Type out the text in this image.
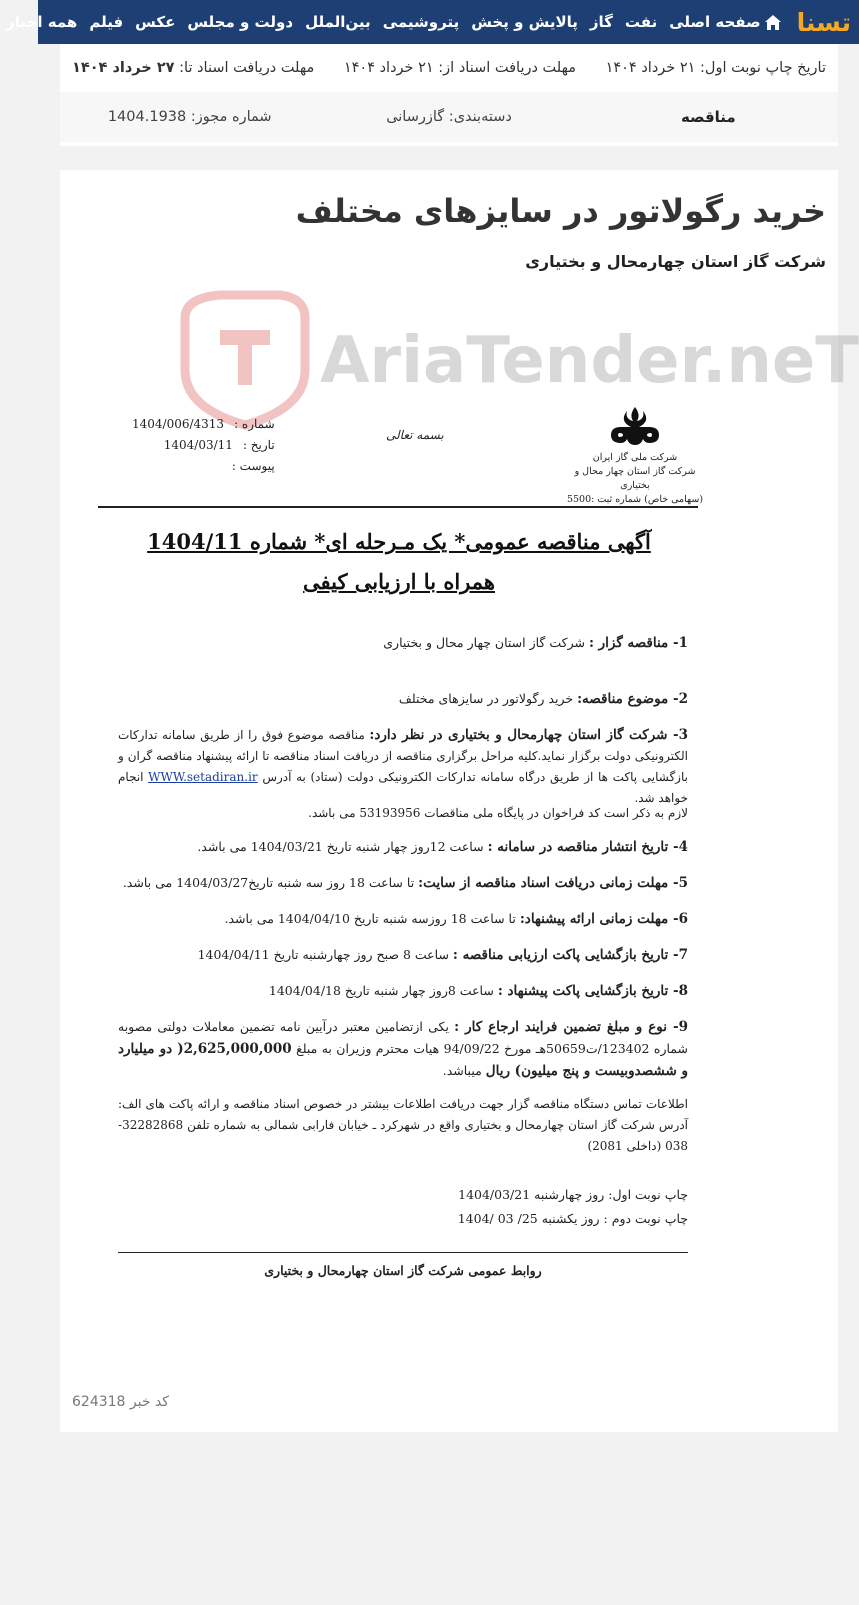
تسنا
صفحه اصلی
نفت
گاز
پالایش و پخش
پتروشیمی
بین‌الملل
دولت و مجلس
عکس
فیلم
همه اخبار
تاریخ چاپ نوبت اول: ۲۱ خرداد ۱۴۰۴
مهلت دریافت اسناد از: ۲۱ خرداد ۱۴۰۴
مهلت دریافت اسناد تا: ۲۷ خرداد ۱۴۰۴
مناقصه
دسته‌بندی: گازرسانی
شماره مجوز: 1404.1938
خرید رگولاتور در سایزهای مختلف
شرکت گاز استان چهارمحال و بختیاری
AriaTender.neT
شماره :
1404/006/4313
تاریخ :
1404/03/11
پیوست :
بسمه تعالی
شرکت ملی گاز ایران
شرکت گاز استان چهار محال و بختیاری
(سهامی خاص) شماره ثبت :5500
آگهی مناقصه عمومی* یک مـرحله ای* شماره 1404/11
همراه با ارزیابی کیفی
1- مناقصه گزار : شرکت گاز استان چهار محال و بختیاری
2- موضوع مناقصه: خرید رگولاتور در سایزهای مختلف
3- شرکت گاز استان چهارمحال و بختیاری در نظر دارد: مناقصه موضوع فوق را از طریق سامانه تدارکات الکترونیکی دولت برگزار نماید.کلیه مراحل برگزاری مناقصه از دریافت اسناد مناقصه تا ارائه پیشنهاد مناقصه گران و بازگشایی پاکت ها از طریق درگاه سامانه تدارکات الکترونیکی دولت (ستاد) به آدرس WWW.setadiran.ir انجام خواهد شد.
لازم به ذکر است کد فراخوان در پایگاه ملی مناقصات 53193956 می باشد.
4- تاریخ انتشار مناقصه در سامانه : ساعت 12روز چهار شنبه تاریخ 1404/03/21 می باشد.
5- مهلت زمانی دریافت اسناد مناقصه از سایت: تا ساعت 18 روز سه شنبه تاریخ1404/03/27 می باشد.
6- مهلت زمانی ارائه پیشنهاد: تا ساعت 18 روزسه شنبه تاریخ 1404/04/10 می باشد.
7- تاریخ بازگشایی پاکت ارزیابی مناقصه : ساعت 8 صبح روز چهارشنبه تاریخ 1404/04/11
8- تاریخ بازگشایی پاکت پیشنهاد : ساعت 8روز چهار شنبه تاریخ 1404/04/18
9- نوع و مبلغ تضمین فرایند ارجاع کار : یکی ازتضامین معتبر درآیین نامه تضمین معاملات دولتی مصوبه شماره 123402/ت50659هـ مورخ 94/09/22 هیات محترم وزیران به مبلغ 2,625,000,000( دو میلیارد و ششصدوبیست و پنج میلیون) ریال میباشد.
اطلاعات تماس دستگاه مناقصه گزار جهت دریافت اطلاعات بیشتر در خصوص اسناد مناقصه و ارائه پاکت های الف: آدرس شرکت گاز استان چهارمحال و بختیاری واقع در شهرکرد ـ خیابان فارابی شمالی به شماره تلفن 32282868-038 (داخلی 2081)
چاپ نوبت اول: روز چهارشنبه 1404/03/21
چاپ نوبت دوم : روز یکشنبه 25/ 03 /1404
روابط عمومی شرکت گاز استان چهارمحال و بختیاری
کد خبر 624318
